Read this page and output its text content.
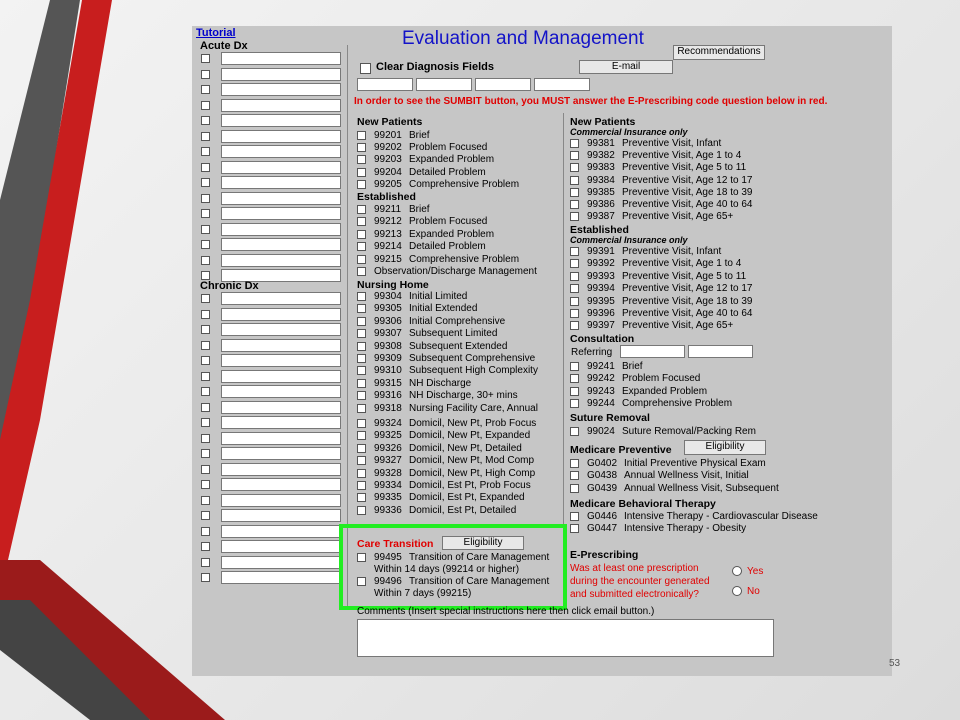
Tutorial	Evaluation and Management
Acute Dx
Chronic Dx
Clear Diagnosis Fields
Recommendations
E-mail
In order to see the SUMBIT button, you MUST answer the E-Prescribing code question below in red.
New Patients
99201 Brief
99202 Problem Focused
99203 Expanded Problem
99204 Detailed Problem
99205 Comprehensive Problem
Established
99211 Brief
99212 Problem Focused
99213 Expanded Problem
99214 Detailed Problem
99215 Comprehensive Problem
Observation/Discharge Management
Nursing Home
99304 Initial Limited
99305 Initial Extended
99306 Initial Comprehensive
99307 Subsequent Limited
99308 Subsequent Extended
99309 Subsequent Comprehensive
99310 Subsequent High Complexity
99315 NH Discharge
99316 NH Discharge, 30+ mins
99318 Nursing Facility Care, Annual
99324 Domicil, New Pt, Prob Focus
99325 Domicil, New Pt, Expanded
99326 Domicil, New Pt, Detailed
99327 Domicil, New Pt, Mod Comp
99328 Domicil, New Pt, High Comp
99334 Domicil, Est Pt, Prob Focus
99335 Domicil, Est Pt, Expanded
99336 Domicil, Est Pt, Detailed
Care Transition	Eligibility
99495 Transition of Care Management
Within 14 days (99214 or higher)
99496 Transition of Care Management
Within 7 days (99215)
Comments (Insert special instructions here then click email button.)
New Patients
Commercial Insurance only
99381 Preventive Visit, Infant
99382 Preventive Visit, Age 1 to 4
99383 Preventive Visit, Age 5 to 11
99384 Preventive Visit, Age 12 to 17
99385 Preventive Visit, Age 18 to 39
99386 Preventive Visit, Age 40 to 64
99387 Preventive Visit, Age 65+
Established
Commercial Insurance only
99391 Preventive Visit, Infant
99392 Preventive Visit, Age 1 to 4
99393 Preventive Visit, Age 5 to 11
99394 Preventive Visit, Age 12 to 17
99395 Preventive Visit, Age 18 to 39
99396 Preventive Visit, Age 40 to 64
99397 Preventive Visit, Age 65+
Consultation
Referring
99241 Brief
99242 Problem Focused
99243 Expanded Problem
99244 Comprehensive Problem
Suture Removal
99024 Suture Removal/Packing Rem
Medicare Preventive	Eligibility
G0402 Initial Preventive Physical Exam
G0438 Annual Wellness Visit, Initial
G0439 Annual Wellness Visit, Subsequent
Medicare Behavioral Therapy
G0446 Intensive Therapy - Cardiovascular Disease
G0447 Intensive Therapy - Obesity
E-Prescribing
Was at least one prescription
during the encounter generated
and submitted electronically?
Yes
No
53
